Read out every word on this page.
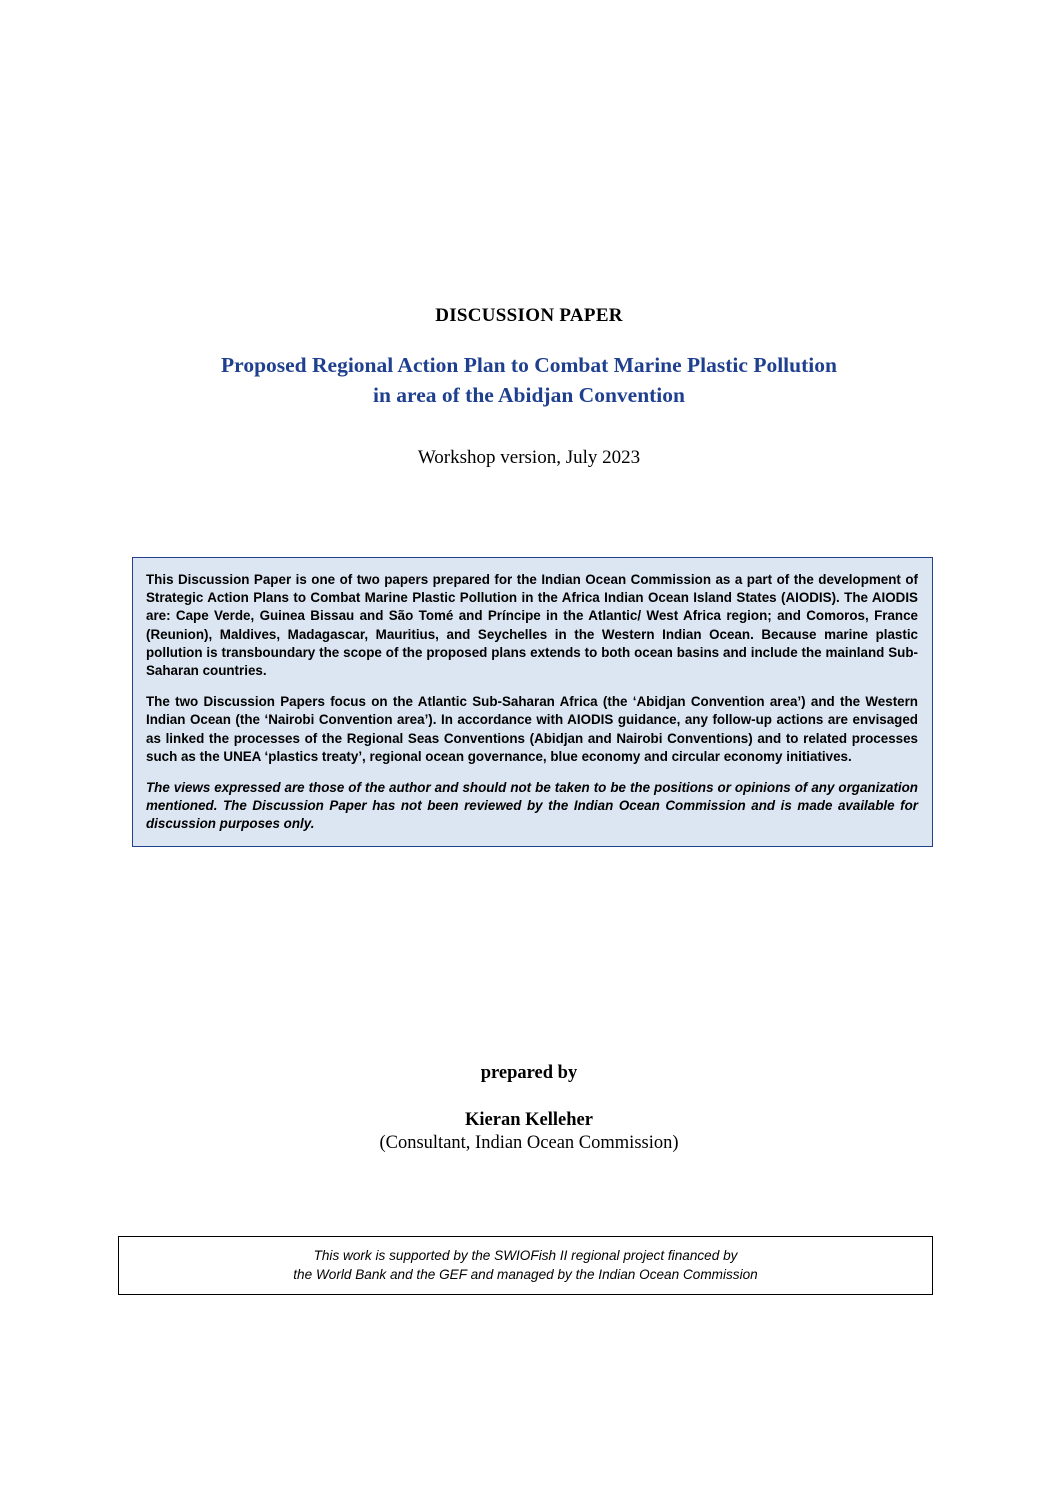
DISCUSSION PAPER
Proposed Regional Action Plan to Combat Marine Plastic Pollution
in area of the Abidjan Convention
Workshop version, July 2023

This Discussion Paper is one of two papers prepared for the Indian Ocean Commission as a part of the development of Strategic Action Plans to Combat Marine Plastic Pollution in the Africa Indian Ocean Island States (AIODIS). The AIODIS are: Cape Verde, Guinea Bissau and São Tomé and Príncipe in the Atlantic/ West Africa region; and Comoros, France (Reunion), Maldives, Madagascar, Mauritius, and Seychelles in the Western Indian Ocean. Because marine plastic pollution is transboundary the scope of the proposed plans extends to both ocean basins and include the mainland Sub-Saharan countries.

The two Discussion Papers focus on the Atlantic Sub-Saharan Africa (the ‘Abidjan Convention area’) and the Western Indian Ocean (the ‘Nairobi Convention area’). In accordance with AIODIS guidance, any follow-up actions are envisaged as linked the processes of the Regional Seas Conventions (Abidjan and Nairobi Conventions) and to related processes such as the UNEA ‘plastics treaty’, regional ocean governance, blue economy and circular economy initiatives.

The views expressed are those of the author and should not be taken to be the positions or opinions of any organization mentioned. The Discussion Paper has not been reviewed by the Indian Ocean Commission and is made available for discussion purposes only.

prepared by
Kieran Kelleher
(Consultant, Indian Ocean Commission)
This work is supported by the SWIOFish II regional project financed by
the World Bank and the GEF and managed by the Indian Ocean Commission
